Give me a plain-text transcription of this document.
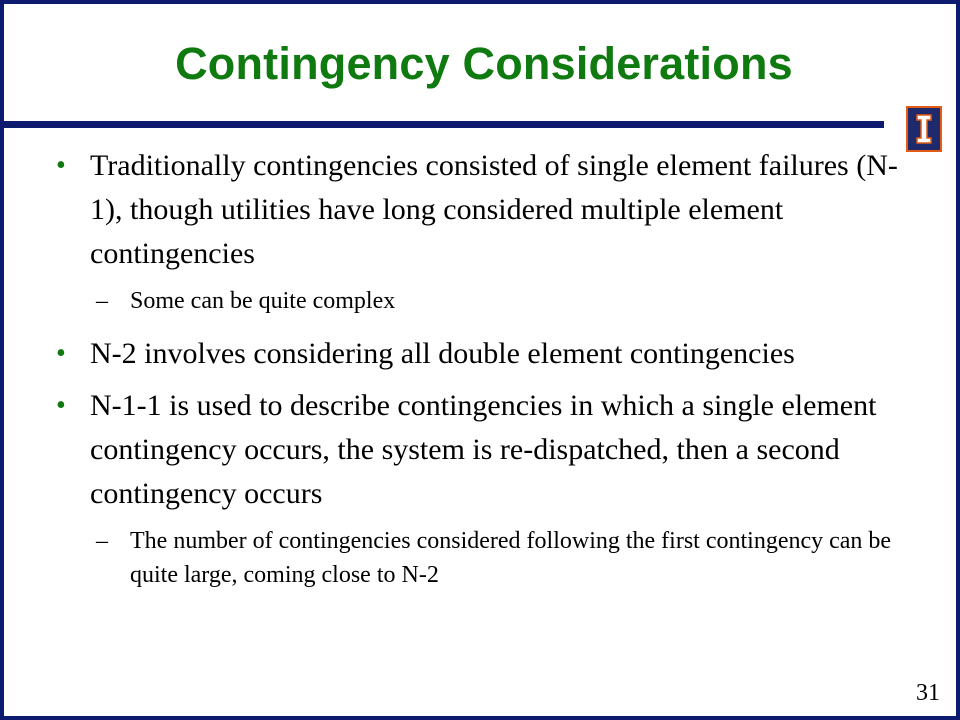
Contingency Considerations
• Traditionally contingencies consisted of single element failures (N-1), though utilities have long considered multiple element contingencies
– Some can be quite complex
• N-2 involves considering all double element contingencies
• N-1-1 is used to describe contingencies in which a single element contingency occurs, the system is re-dispatched, then a second contingency occurs
– The number of contingencies considered following the first contingency can be quite large, coming close to N-2
31
